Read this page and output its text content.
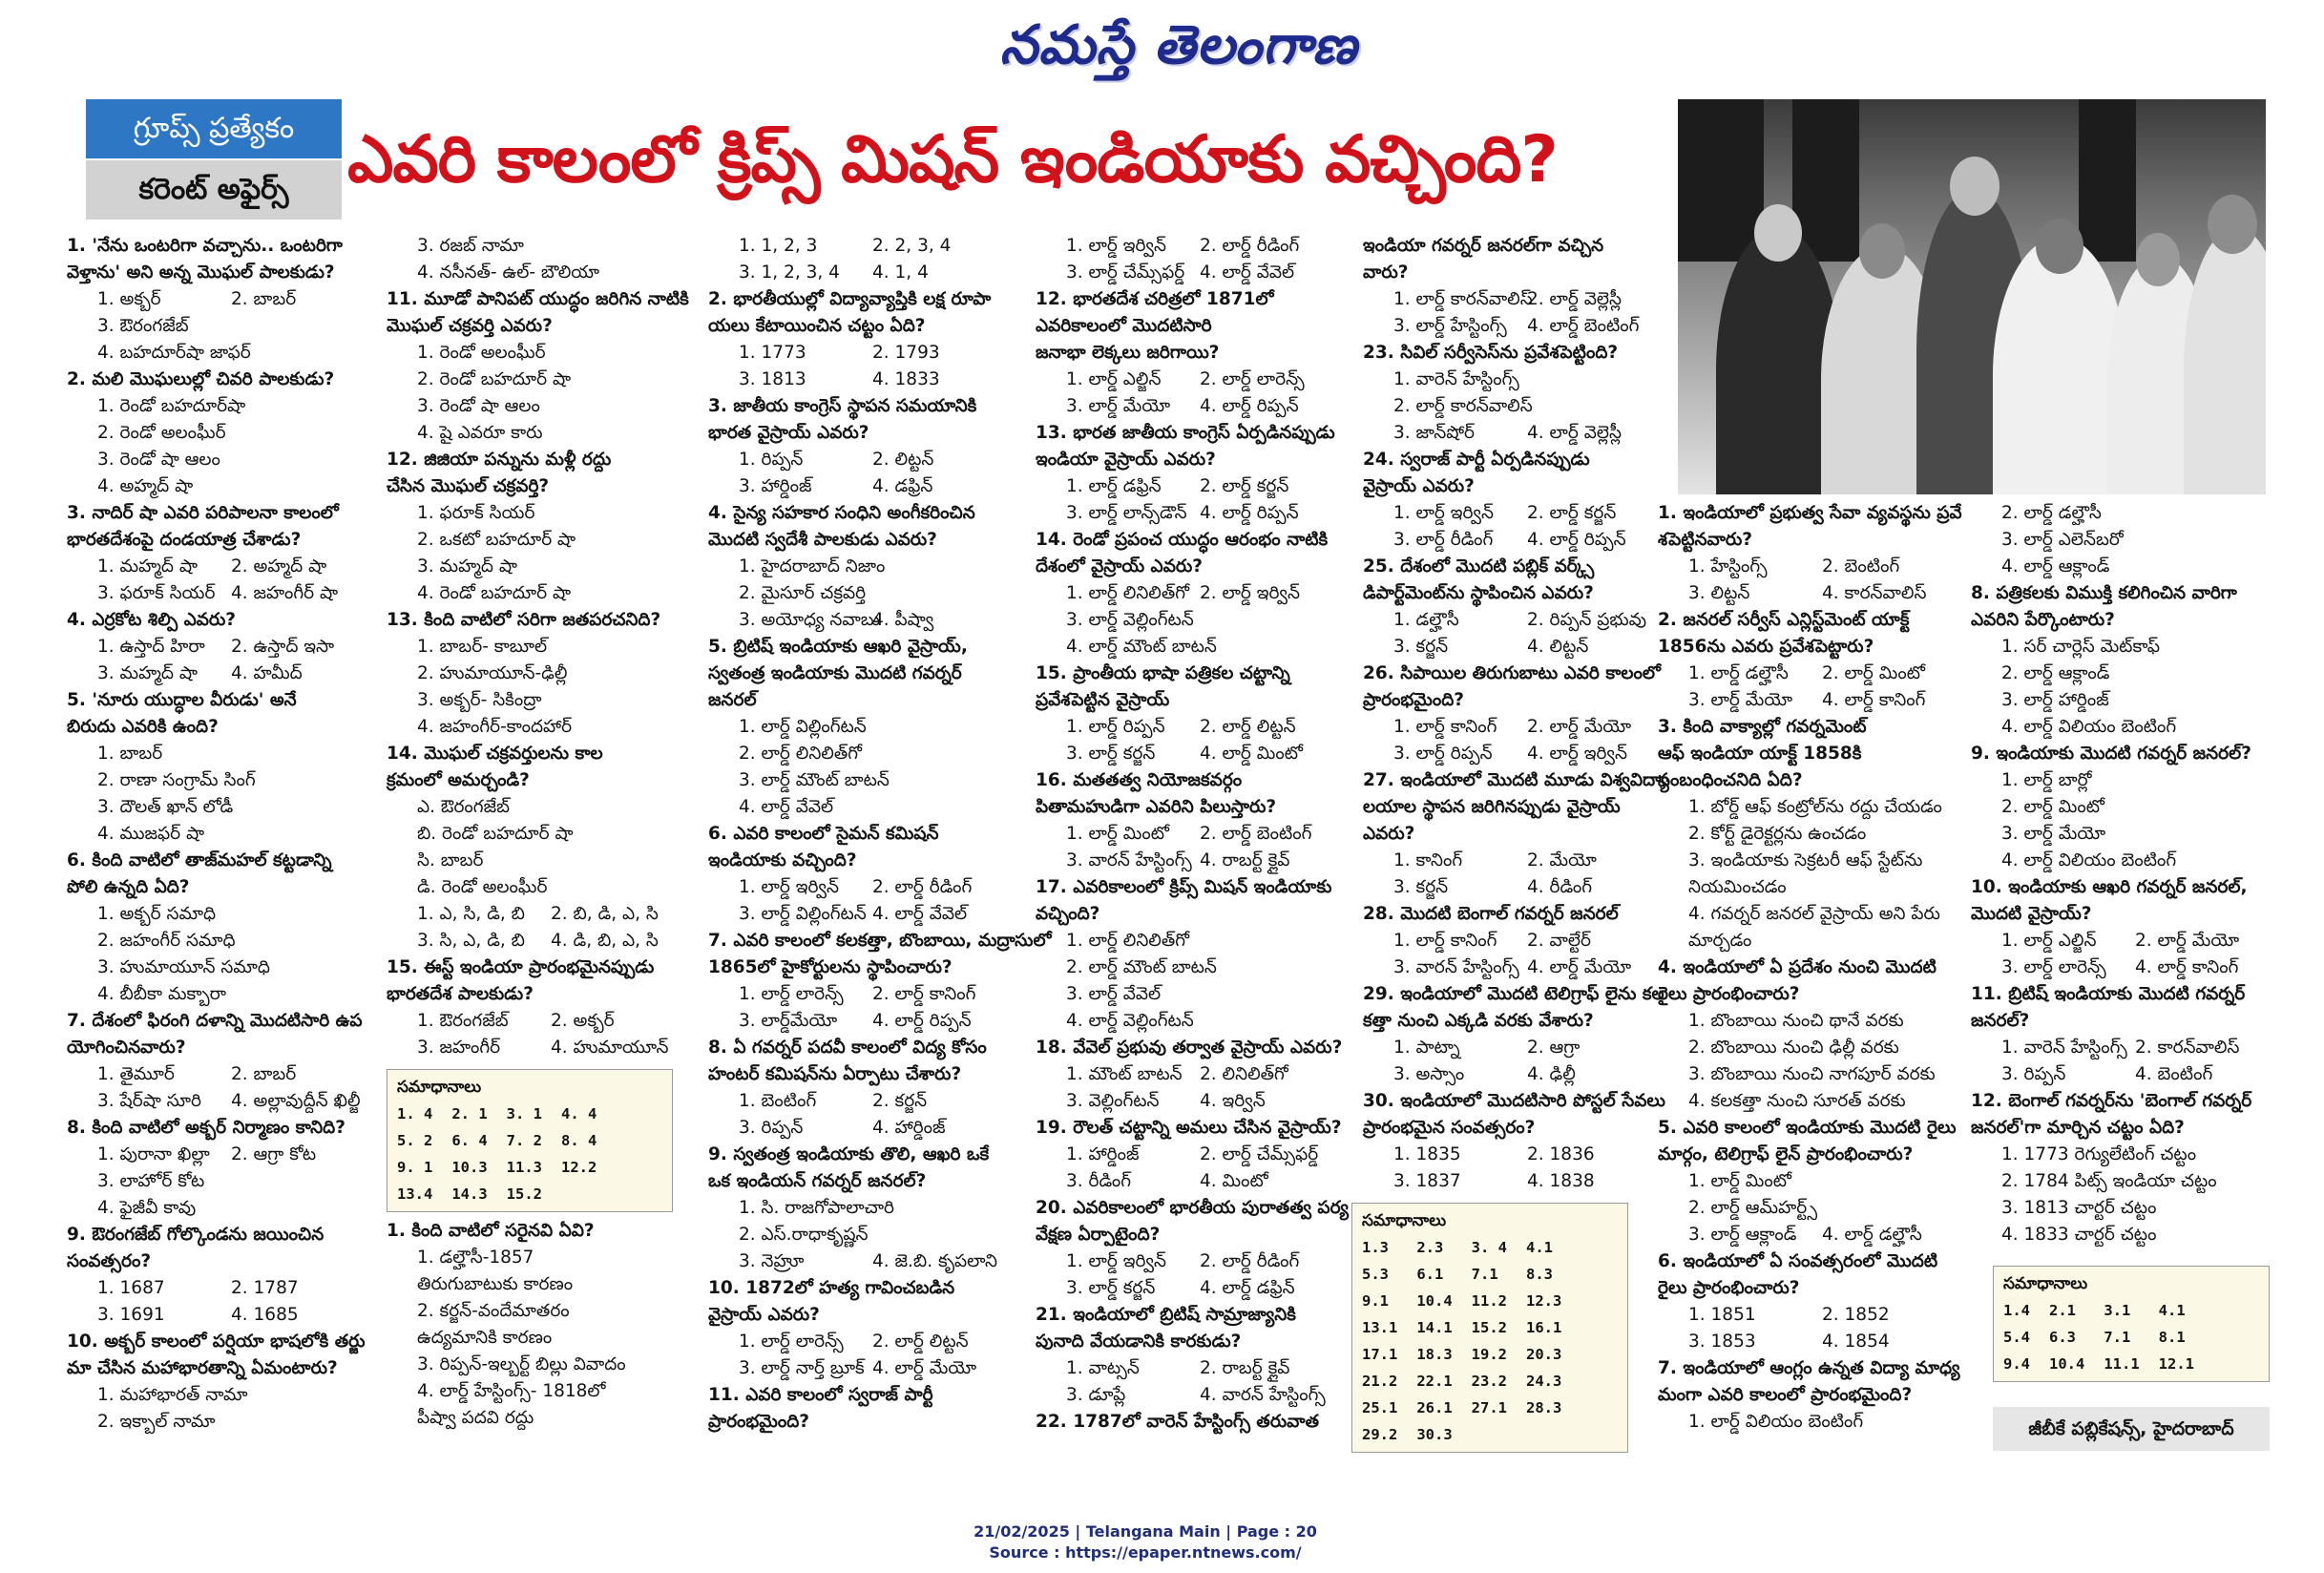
నమస్తే తెలంగాణ
గ్రూప్స్‌ ప్రత్యేకం
కరెంట్‌ అఫైర్స్‌ ఎవరి కాలంలో క్రిప్స్‌ మిషన్‌ ఇండియాకు వచ్చింది?
1. 'నేను ఒంటరిగా వచ్చాను.. ఒంటరిగా
వెళ్తాను' అని అన్న మొఘల్‌ పాలకుడు?
1. అక్బర్‌	2. బాబర్‌
3. ఔరంగజేబ్‌
4. బహదూర్‌షా జాఫర్‌
2. మలి మొఘలుల్లో చివరి పాలకుడు?
1. రెండో బహదూర్‌షా
2. రెండో అలంఘీర్‌
3. రెండో షా ఆలం
4. అహ్మద్‌ షా
3. నాదిర్‌ షా ఎవరి పరిపాలనా కాలంలో
భారతదేశంపై దండయాత్ర చేశాడు?
1. మహ్మద్‌ షా	2. అహ్మద్‌ షా
3. ఫరూక్‌ సియర్‌ 4. జహంగీర్‌ షా
4. ఎర్రకోట శిల్పి ఎవరు?
1. ఉస్తాద్‌ హిరా	2. ఉస్తాద్‌ ఇసా
3. మహ్మద్‌ షా	4. హమీద్‌
5. 'నూరు యుద్ధాల వీరుడు' అనే
బిరుదు ఎవరికి ఉంది?
1. బాబర్‌
2. రాణా సంగ్రామ్‌ సింగ్‌
3. దౌలత్‌ ఖాన్‌ లోడీ
4. ముజఫర్‌ షా
6. కింది వాటిలో తాజ్‌మహల్‌ కట్టడాన్ని
పోలి ఉన్నది ఏది?
1. అక్బర్‌ సమాధి
2. జహంగీర్‌ సమాధి
3. హుమాయూన్‌ సమాధి
4. బీబీకా మక్బారా
7. దేశంలో ఫిరంగి దళాన్ని మొదటిసారి ఉప
యోగించినవారు?
1. తైమూర్‌	2. బాబర్‌
3. షేర్‌షా సూరి	4. అల్లావుద్దీన్‌ ఖిల్జీ
8. కింది వాటిలో అక్బర్‌ నిర్మాణం కానిది?
1. పురానా ఖిల్లా	2. ఆగ్రా కోట
3. లాహోర్‌ కోట
4. ఫైజీవీ కావు
9. ఔరంగజేబ్‌ గోల్కొండను జయించిన
సంవత్సరం?
1. 1687	2. 1787
3. 1691	4. 1685
10. అక్బర్‌ కాలంలో పర్షియా భాషలోకి తర్జు
మా చేసిన మహాభారతాన్ని ఏమంటారు?
1. మహాభారత్‌ నామా
2. ఇక్బాల్‌ నామా
3. రజబ్‌ నామా
4. నసీనత్‌- ఉల్‌- బౌలియా
11. మూడో పానిపట్‌ యుద్ధం జరిగిన నాటికి
మొఘల్‌ చక్రవర్తి ఎవరు?
1. రెండో అలంఘీర్‌
2. రెండో బహదూర్‌ షా
3. రెండో షా ఆలం
4. షై ఎవరూ కారు
12. జిజియా పన్నును మళ్లీ రద్దు
చేసిన మొఘల్‌ చక్రవర్తి?
1. ఫరూక్‌ సియర్‌
2. ఒకటో బహదూర్‌ షా
3. మహ్మద్‌ షా
4. రెండో బహదూర్‌ షా
13. కింది వాటిలో సరిగా జతపరచనిది?
1. బాబర్‌- కాబూల్‌
2. హుమాయూన్‌-ఢిల్లీ
3. అక్బర్‌- సికింద్రా
4. జహంగీర్‌-కాందహార్‌
14. మొఘల్‌ చక్రవర్తులను కాల
క్రమంలో అమర్చండి?
ఎ. ఔరంగజేబ్‌
బి. రెండో బహదూర్‌ షా
సి. బాబర్‌
డి. రెండో అలంఘీర్‌
1. ఎ, సి, డి, బి	2. బి, డి, ఎ, సి
3. సి, ఎ, డి, బి	4. డి, బి, ఎ, సి
15. ఈస్ట్‌ ఇండియా ప్రారంభమైనప్పుడు
భారతదేశ పాలకుడు?
1. ఔరంగజేబ్‌	2. అక్బర్‌
3. జహంగీర్‌	4. హుమాయూన్‌
సమాధానాలు
1. 4	2. 1	3. 1	4. 4
5. 2	6. 4	7. 2	8. 4
9. 1	10.3	11.3	12.2
13.4	14.3	15.2	
1. కింది వాటిలో సరైనవి ఏవి?
1. డల్హౌసీ-1857
తిరుగుబాటుకు కారణం
2. కర్జన్‌-వందేమాతరం
ఉద్యమానికి కారణం
3. రిప్పన్‌-ఇల్బర్ట్‌ బిల్లు వివాదం
4. లార్డ్‌ హేస్టింగ్స్‌- 1818లో
పీష్వా పదవి రద్దు
1. 1, 2, 3	2. 2, 3, 4
3. 1, 2, 3, 4	4. 1, 4
2. భారతీయుల్లో విద్యావ్యాప్తికి లక్ష రూపా
యలు కేటాయించిన చట్టం ఏది?
1. 1773	2. 1793
3. 1813	4. 1833
3. జాతీయ కాంగ్రెస్‌ స్థాపన సమయానికి
భారత వైస్రాయ్‌ ఎవరు?
1. రిప్పన్‌	2. లిట్టన్‌
3. హార్డింజ్‌	4. డఫ్రిన్‌
4. సైన్య సహకార సంధిని అంగీకరించిన
మొదటి స్వదేశీ పాలకుడు ఎవరు?
1. హైదరాబాద్‌ నిజాం
2. మైసూర్‌ చక్రవర్తి
3. అయోధ్య నవాబు
4. పీష్వా
5. బ్రిటిష్‌ ఇండియాకు ఆఖరి వైస్రాయ్‌,
స్వతంత్ర ఇండియాకు మొదటి గవర్నర్‌
జనరల్‌
1. లార్డ్‌ విల్లింగ్‌టన్‌
2. లార్డ్‌ లినిలిత్‌గో
3. లార్డ్‌ మౌంట్‌ బాటన్‌
4. లార్డ్‌ వేవెల్‌
6. ఎవరి కాలంలో సైమన్‌ కమిషన్‌
ఇండియాకు వచ్చింది?
1. లార్డ్‌ ఇర్విన్‌	2. లార్డ్‌ రీడింగ్‌
3. లార్డ్‌ విల్లింగ్‌టన్‌ 4. లార్డ్‌ వేవెల్‌
7. ఎవరి కాలంలో కలకత్తా, బొంబాయి, మద్రాసులో
1865లో హైకోర్టులను స్థాపించారు?
1. లార్డ్‌ లారెన్స్‌	2. లార్డ్‌ కానింగ్‌
3. లార్డ్‌మేయో	4. లార్డ్‌ రిప్పన్‌
8. ఏ గవర్నర్‌ పదవీ కాలంలో విద్య కోసం
హంటర్‌ కమిషన్‌ను ఏర్పాటు చేశారు?
1. బెంటింగ్‌	2. కర్జన్‌
3. రిప్పన్‌	4. హార్డింజ్‌
9. స్వతంత్ర ఇండియాకు తొలి, ఆఖరి ఒకే
ఒక ఇండియన్‌ గవర్నర్‌ జనరల్‌?
1. సి. రాజగోపాలాచారి
2. ఎస్‌.రాధాకృష్ణన్‌
3. నెహ్రూ	4. జె.బి. కృపలాని
10. 1872లో హత్య గావించబడిన
వైస్రాయ్‌ ఎవరు?
1. లార్డ్‌ లారెన్స్‌	2. లార్డ్‌ లిట్టన్‌
3. లార్డ్‌ నార్త్‌ బ్రూక్‌ 4. లార్డ్‌ మేయో
11. ఎవరి కాలంలో స్వరాజ్‌ పార్టీ
ప్రారంభమైంది?
1. లార్డ్‌ ఇర్విన్‌	2. లార్డ్‌ రీడింగ్‌
3. లార్డ్‌ చేమ్స్‌ఫర్డ్‌ 4. లార్డ్‌ వేవెల్‌
12. భారతదేశ చరిత్రలో 1871లో
ఎవరికాలంలో మొదటిసారి
జనాభా లెక్కలు జరిగాయి?
1. లార్డ్‌ ఎల్జిన్‌	2. లార్డ్‌ లారెన్స్‌
3. లార్డ్‌ మేయో	4. లార్డ్‌ రిప్పన్‌
13. భారత జాతీయ కాంగ్రెస్‌ ఏర్పడినప్పుడు
ఇండియా వైస్రాయ్‌ ఎవరు?
1. లార్డ్‌ డఫ్రిన్‌	2. లార్డ్‌ కర్జన్‌
3. లార్డ్‌ లాన్స్‌డౌన్‌ 4. లార్డ్‌ రిప్పన్‌
14. రెండో ప్రపంచ యుద్ధం ఆరంభం నాటికి
దేశంలో వైస్రాయ్‌ ఎవరు?
1. లార్డ్‌ లినిలిత్‌గో 2. లార్డ్‌ ఇర్విన్‌
3. లార్డ్‌ వెల్లింగ్‌టన్‌
4. లార్డ్‌ మౌంట్‌ బాటన్‌
15. ప్రాంతీయ భాషా పత్రికల చట్టాన్ని
ప్రవేశపెట్టిన వైస్రాయ్‌
1. లార్డ్‌ రిప్పన్‌	2. లార్డ్‌ లిట్టన్‌
3. లార్డ్‌ కర్జన్‌	4. లార్డ్‌ మింటో
16. మతతత్వ నియోజకవర్గం
పితామహుడిగా ఎవరిని పిలుస్తారు?
1. లార్డ్‌ మింటో	2. లార్డ్‌ బెంటింగ్‌
3. వారన్‌ హేస్టింగ్స్‌ 4. రాబర్ట్‌ క్లైవ్‌
17. ఎవరికాలంలో క్రిప్స్‌ మిషన్‌ ఇండియాకు
వచ్చింది?
1. లార్డ్‌ లినిలిత్‌గో
2. లార్డ్‌ మౌంట్‌ బాటన్‌
3. లార్డ్‌ వేవెల్‌
4. లార్డ్‌ వెల్లింగ్‌టన్‌
18. వేవెల్‌ ప్రభువు తర్వాత వైస్రాయ్‌ ఎవరు?
1. మౌంట్‌ బాటన్‌ 2. లినిలిత్‌గో
3. వెల్లింగ్‌టన్‌	4. ఇర్విన్‌
19. రౌలత్‌ చట్టాన్ని అమలు చేసిన వైస్రాయ్‌?
1. హార్డింజ్‌	2. లార్డ్‌ చేమ్స్‌ఫర్డ్‌
3. రీడింగ్‌	4. మింటో
20. ఎవరికాలంలో భారతీయ పురాతత్వ పర్య
వేక్షణ ఏర్పాటైంది?
1. లార్డ్‌ ఇర్విన్‌	2. లార్డ్‌ రీడింగ్‌
3. లార్డ్‌ కర్జన్‌	4. లార్డ్‌ డఫ్రిన్‌
21. ఇండియాలో బ్రిటిష్‌ సామ్రాజ్యానికి
పునాది వేయడానికి కారకుడు?
1. వాట్సన్‌	2. రాబర్ట్‌ క్లైవ్‌
3. డూప్లే	4. వారన్‌ హేస్టింగ్స్‌
22. 1787లో వారెన్‌ హేస్టింగ్స్‌ తరువాత
ఇండియా గవర్నర్‌ జనరల్‌గా వచ్చిన
వారు?
1. లార్డ్‌ కారన్‌వాలిస్‌
2. లార్డ్‌ వెల్లెస్లీ
3. లార్డ్‌ హేస్టింగ్స్‌	4. లార్డ్‌ బెంటింగ్‌
23. సివిల్‌ సర్వీసెస్‌ను ప్రవేశపెట్టింది?
1. వారెన్‌ హేస్టింగ్స్‌
2. లార్డ్‌ కారన్‌వాలిస్‌
3. జాన్‌షోర్‌	4. లార్డ్‌ వెల్లెస్లీ
24. స్వరాజ్‌ పార్టీ ఏర్పడినప్పుడు
వైస్రాయ్‌ ఎవరు?
1. లార్డ్‌ ఇర్విన్‌	2. లార్డ్‌ కర్జన్‌
3. లార్డ్‌ రీడింగ్‌	4. లార్డ్‌ రిప్పన్‌
25. దేశంలో మొదటి పబ్లిక్‌ వర్క్స్‌
డిపార్ట్‌మెంట్‌ను స్థాపించిన ఎవరు?
1. డల్హౌసీ	2. రిప్పన్‌ ప్రభువు
3. కర్జన్‌	4. లిట్టన్‌
26. సిపాయిల తిరుగుబాటు ఎవరి కాలంలో
ప్రారంభమైంది?
1. లార్డ్‌ కానింగ్‌	2. లార్డ్‌ మేయో
3. లార్డ్‌ రిప్పన్‌	4. లార్డ్‌ ఇర్విన్‌
27. ఇండియాలో మొదటి మూడు విశ్వవిద్యా
లయాల స్థాపన జరిగినప్పుడు వైస్రాయ్‌
ఎవరు?
1. కానింగ్‌	2. మేయో
3. కర్జన్‌	4. రీడింగ్‌
28. మొదటి బెంగాల్‌ గవర్నర్‌ జనరల్‌
1. లార్డ్‌ కానింగ్‌	2. వాల్టేర్‌
3. వారన్‌ హేస్టింగ్స్‌ 4. లార్డ్‌ మేయో
29. ఇండియాలో మొదటి టెలిగ్రాఫ్‌ లైను కల
కత్తా నుంచి ఎక్కడి వరకు వేశారు?
1. పాట్నా	2. ఆగ్రా
3. అస్సాం	4. ఢిల్లీ
30. ఇండియాలో మొదటిసారి పోస్టల్‌ సేవలు
ప్రారంభమైన సంవత్సరం?
1. 1835	2. 1836
3. 1837	4. 1838
సమాధానాలు
1.3	2.3	3. 4	4.1
5.3	6.1	7.1	8.3
9.1	10.4	11.2	12.3
13.1	14.1	15.2	16.1
17.1	18.3	19.2	20.3
21.2	22.1	23.2	24.3
25.1	26.1	27.1	28.3
29.2	30.3		
1. ఇండియాలో ప్రభుత్వ సేవా వ్యవస్థను ప్రవే
శపెట్టినవారు?
1. హేస్టింగ్స్‌	2. బెంటింగ్‌
3. లిట్టన్‌	4. కారన్‌వాలిస్‌
2. జనరల్‌ సర్వీస్‌ ఎన్లిస్ట్‌మెంట్‌ యాక్ట్‌
1856ను ఎవరు ప్రవేశపెట్టారు?
1. లార్డ్‌ డల్హౌసీ	2. లార్డ్‌ మింటో
3. లార్డ్‌ మేయో	4. లార్డ్‌ కానింగ్‌
3. కింది వాక్యాల్లో గవర్నమెంట్‌
ఆఫ్‌ ఇండియా యాక్ట్‌ 1858కి
సంబంధించనిది ఏది?
1. బోర్డ్‌ ఆఫ్‌ కంట్రోల్‌ను రద్దు చేయడం
2. కోర్ట్‌ డైరెక్టర్లను ఉంచడం
3. ఇండియాకు సెక్రటరీ ఆఫ్‌ స్టేట్‌ను
నియమించడం
4. గవర్నర్‌ జనరల్‌ వైస్రాయ్‌ అని పేరు
మార్చడం
4. ఇండియాలో ఏ ప్రదేశం నుంచి మొదటి
రైలు ప్రారంభించారు?
1. బొంబాయి నుంచి థానే వరకు
2. బొంబాయి నుంచి ఢిల్లీ వరకు
3. బొంబాయి నుంచి నాగపూర్‌ వరకు
4. కలకత్తా నుంచి సూరత్‌ వరకు
5. ఎవరి కాలంలో ఇండియాకు మొదటి రైలు
మార్గం, టెలిగ్రాఫ్‌ లైన్‌ ప్రారంభించారు?
1. లార్డ్‌ మింటో
2. లార్డ్‌ ఆమ్‌హర్ట్స్‌
3. లార్డ్‌ ఆక్లాండ్‌	4. లార్డ్‌ డల్హౌసీ
6. ఇండియాలో ఏ సంవత్సరంలో మొదటి
రైలు ప్రారంభించారు?
1. 1851	2. 1852
3. 1853	4. 1854
7. ఇండియాలో ఆంగ్లం ఉన్నత విద్యా మాధ్య
మంగా ఎవరి కాలంలో ప్రారంభమైంది?
1. లార్డ్‌ విలియం బెంటింగ్‌
2. లార్డ్‌ డల్హౌసీ
3. లార్డ్‌ ఎలెన్‌బరో
4. లార్డ్‌ ఆక్లాండ్‌
8. పత్రికలకు విముక్తి కలిగించిన వారిగా
ఎవరిని పేర్కొంటారు?
1. సర్‌ చార్లెస్‌ మెట్‌కాఫ్‌
2. లార్డ్‌ ఆక్లాండ్‌
3. లార్డ్‌ హార్డింజ్‌
4. లార్డ్‌ విలియం బెంటింగ్‌
9. ఇండియాకు మొదటి గవర్నర్‌ జనరల్‌?
1. లార్డ్‌ బార్లో
2. లార్డ్‌ మింటో
3. లార్డ్‌ మేయో
4. లార్డ్‌ విలియం బెంటింగ్‌
10. ఇండియాకు ఆఖరి గవర్నర్‌ జనరల్‌,
మొదటి వైస్రాయ్‌?
1. లార్డ్‌ ఎల్జిన్‌	2. లార్డ్‌ మేయో
3. లార్డ్‌ లారెన్స్‌	4. లార్డ్‌ కానింగ్‌
11. బ్రిటిష్‌ ఇండియాకు మొదటి గవర్నర్‌
జనరల్‌?
1. వారెన్‌ హేస్టింగ్స్‌ 2. కారన్‌వాలిస్‌
3. రిప్పన్‌	4. బెంటింగ్‌
12. బెంగాల్‌ గవర్నర్‌ను 'బెంగాల్‌ గవర్నర్‌
జనరల్‌'గా మార్చిన చట్టం ఏది?
1. 1773 రెగ్యులేటింగ్‌ చట్టం
2. 1784 పిట్స్‌ ఇండియా చట్టం
3. 1813 చార్టర్‌ చట్టం
4. 1833 చార్టర్‌ చట్టం
సమాధానాలు
1.4	2.1	3.1	4.1
5.4	6.3	7.1	8.1
9.4	10.4	11.1	12.1
జీబీకే పబ్లికేషన్స్‌, హైదరాబాద్‌
21/02/2025 | Telangana Main | Page : 20
Source : https://epaper.ntnews.com/
